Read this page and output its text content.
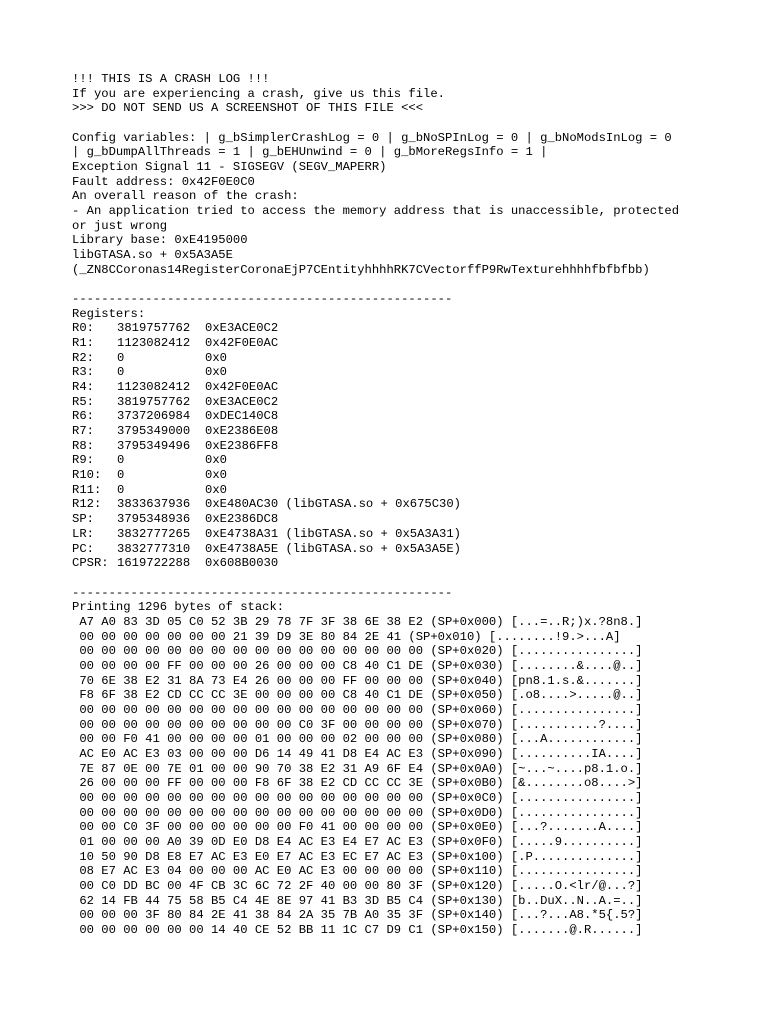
!!! THIS IS A CRASH LOG !!!
If you are experiencing a crash, give us this file.
>>> DO NOT SEND US A SCREENSHOT OF THIS FILE <<<
Config variables: | g_bSimplerCrashLog = 0 | g_bNoSPInLog = 0 | g_bNoModsInLog = 0
| g_bDumpAllThreads = 1 | g_bEHUnwind = 0 | g_bMoreRegsInfo = 1 |
Exception Signal 11 - SIGSEGV (SEGV_MAPERR)
Fault address: 0x42F0E0C0
An overall reason of the crash:
- An application tried to access the memory address that is unaccessible, protected
or just wrong
Library base: 0xE4195000
libGTASA.so + 0x5A3A5E
(_ZN8CCoronas14RegisterCoronaEjP7CEntityhhhhRK7CVectorffP9RwTexturehhhhfbfbfbb)
----------------------------------------------------
Registers:
R0: 3819757762 0xE3ACE0C2
R1: 1123082412 0x42F0E0AC
R2: 0	0x0
R3: 0	0x0
R4: 1123082412 0x42F0E0AC
R5: 3819757762 0xE3ACE0C2
R6: 3737206984 0xDEC140C8
R7: 3795349000 0xE2386E08
R8: 3795349496 0xE2386FF8
R9: 0	0x0
R10: 0	0x0
R11: 0	0x0
R12: 3833637936 0xE480AC30 (libGTASA.so + 0x675C30)
SP: 3795348936 0xE2386DC8
LR: 3832777265 0xE4738A31 (libGTASA.so + 0x5A3A31)
PC: 3832777310 0xE4738A5E (libGTASA.so + 0x5A3A5E)
CPSR: 1619722288 0x608B0030
----------------------------------------------------
Printing 1296 bytes of stack:
A7 A0 83 3D 05 C0 52 3B 29 78 7F 3F 38 6E 38 E2 (SP+0x000) [...=..R;)x.?8n8.]
00 00 00 00 00 00 00 21 39 D9 3E 80 84 2E 41 (SP+0x010) [........!9.>...A]
00 00 00 00 00 00 00 00 00 00 00 00 00 00 00 00 (SP+0x020) [................]
00 00 00 00 FF 00 00 00 26 00 00 00 C8 40 C1 DE (SP+0x030) [........&....@..]
70 6E 38 E2 31 8A 73 E4 26 00 00 00 FF 00 00 00 (SP+0x040) [pn8.1.s.&.......]
F8 6F 38 E2 CD CC CC 3E 00 00 00 00 C8 40 C1 DE (SP+0x050) [.o8....>.....@..]
00 00 00 00 00 00 00 00 00 00 00 00 00 00 00 00 (SP+0x060) [................]
00 00 00 00 00 00 00 00 00 00 C0 3F 00 00 00 00 (SP+0x070) [...........?....]
00 00 F0 41 00 00 00 00 01 00 00 00 02 00 00 00 (SP+0x080) [...A............]
AC E0 AC E3 03 00 00 00 D6 14 49 41 D8 E4 AC E3 (SP+0x090) [..........IA....]
7E 87 0E 00 7E 01 00 00 90 70 38 E2 31 A9 6F E4 (SP+0x0A0) [~...~....p8.1.o.]
26 00 00 00 FF 00 00 00 F8 6F 38 E2 CD CC CC 3E (SP+0x0B0) [&........o8....>]
00 00 00 00 00 00 00 00 00 00 00 00 00 00 00 00 (SP+0x0C0) [................]
00 00 00 00 00 00 00 00 00 00 00 00 00 00 00 00 (SP+0x0D0) [................]
00 00 C0 3F 00 00 00 00 00 00 F0 41 00 00 00 00 (SP+0x0E0) [...?.......A....]
01 00 00 00 A0 39 0D E0 D8 E4 AC E3 E4 E7 AC E3 (SP+0x0F0) [.....9..........]
10 50 90 D8 E8 E7 AC E3 E0 E7 AC E3 EC E7 AC E3 (SP+0x100) [.P..............]
08 E7 AC E3 04 00 00 00 AC E0 AC E3 00 00 00 00 (SP+0x110) [................]
00 C0 DD BC 00 4F CB 3C 6C 72 2F 40 00 00 80 3F (SP+0x120) [.....O.<lr/@...?]
62 14 FB 44 75 58 B5 C4 4E 8E 97 41 B3 3D B5 C4 (SP+0x130) [b..DuX..N..A.=..]
00 00 00 3F 80 84 2E 41 38 84 2A 35 7B A0 35 3F (SP+0x140) [...?...A8.*5{.5?]
00 00 00 00 00 00 14 40 CE 52 BB 11 1C C7 D9 C1 (SP+0x150) [.......@.R......]
